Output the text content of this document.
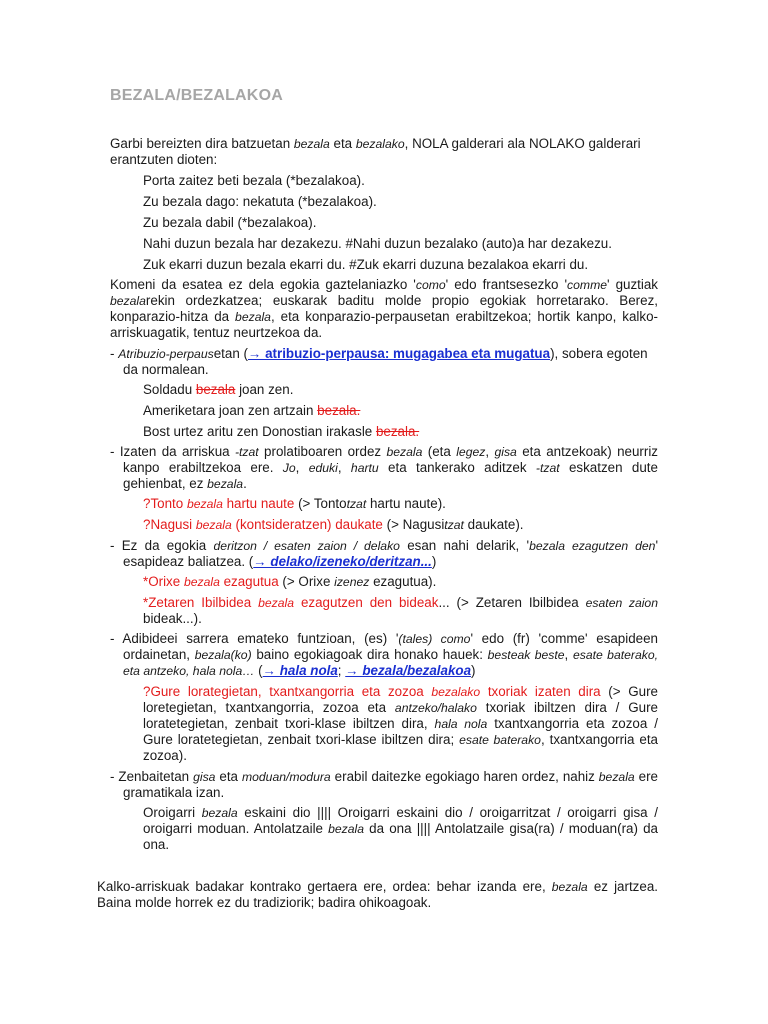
BEZALA/BEZALAKOA
Garbi bereizten dira batzuetan bezala eta bezalako, NOLA galderari ala NOLAKO galderari erantzuten dioten:
Porta zaitez beti bezala (*bezalakoa).
Zu bezala dago: nekatuta (*bezalakoa).
Zu bezala dabil (*bezalakoa).
Nahi duzun bezala har dezakezu. #Nahi duzun bezalako (auto)a har dezakezu.
Zuk ekarri duzun bezala ekarri du. #Zuk ekarri duzuna bezalakoa ekarri du.
Komeni da esatea ez dela egokia gaztelaniazko 'como' edo frantsesezko 'comme' guztiak bezalarekin ordezkatzea; euskarak baditu molde propio egokiak horretarako. Berez, konparazio-hitza da bezala, eta konparazio-perpausetan erabiltzekoa; hortik kanpo, kalko-arriskuagatik, tentuz neurtzekoa da.
- Atribuzio-perpausetan (→ atribuzio-perpausa: mugagabea eta mugatua), sobera egoten da normalean.
Soldadu bezala joan zen.
Ameriketara joan zen artzain bezala.
Bost urtez aritu zen Donostian irakasle bezala.
- Izaten da arriskua -tzat prolatiboaren ordez bezala (eta legez, gisa eta antzekoak) neurriz kanpo erabiltzekoa ere. Jo, eduki, hartu eta tankerako aditzek -tzat eskatzen dute gehienbat, ez bezala.
?Tonto bezala hartu naute (> Tontotzat hartu naute).
?Nagusi bezala (kontsideratzen) daukate (> Nagusitzat daukate).
- Ez da egokia deritzon / esaten zaion / delako esan nahi delarik, 'bezala ezagutzen den' esapideaz baliatzea. (→ delako/izeneko/deritzan...)
*Orixe bezala ezagutua (> Orixe izenez ezagutua).
*Zetaren Ibilbidea bezala ezagutzen den bideak... (> Zetaren Ibilbidea esaten zaion bideak...).
- Adibideei sarrera emateko funtzioan, (es) '(tales) como' edo (fr) 'comme' esapideen ordainetan, bezala(ko) baino egokiagoak dira honako hauek: besteak beste, esate baterako, eta antzeko, hala nola… (→ hala nola; → bezala/bezalakoa)
?Gure lorategietan, txantxangorria eta zozoa bezalako txoriak izaten dira (> Gure loretegietan, txantxangorria, zozoa eta antzeko/halako txoriak ibiltzen dira / Gure loratetegietan, zenbait txori-klase ibiltzen dira, hala nola txantxangorria eta zozoa / Gure loratetegietan, zenbait txori-klase ibiltzen dira; esate baterako, txantxangorria eta zozoa).
- Zenbaitetan gisa eta moduan/modura erabil daitezke egokiago haren ordez, nahiz bezala ere gramatikala izan.
Oroigarri bezala eskaini dio |||| Oroigarri eskaini dio / oroigarritzat / oroigarri gisa / oroigarri moduan. Antolatzaile bezala da ona |||| Antolatzaile gisa(ra) / moduan(ra) da ona.
Kalko-arriskuak badakar kontrako gertaera ere, ordea: behar izanda ere, bezala ez jartzea. Baina molde horrek ez du tradiziorik; badira ohikoagoak.
